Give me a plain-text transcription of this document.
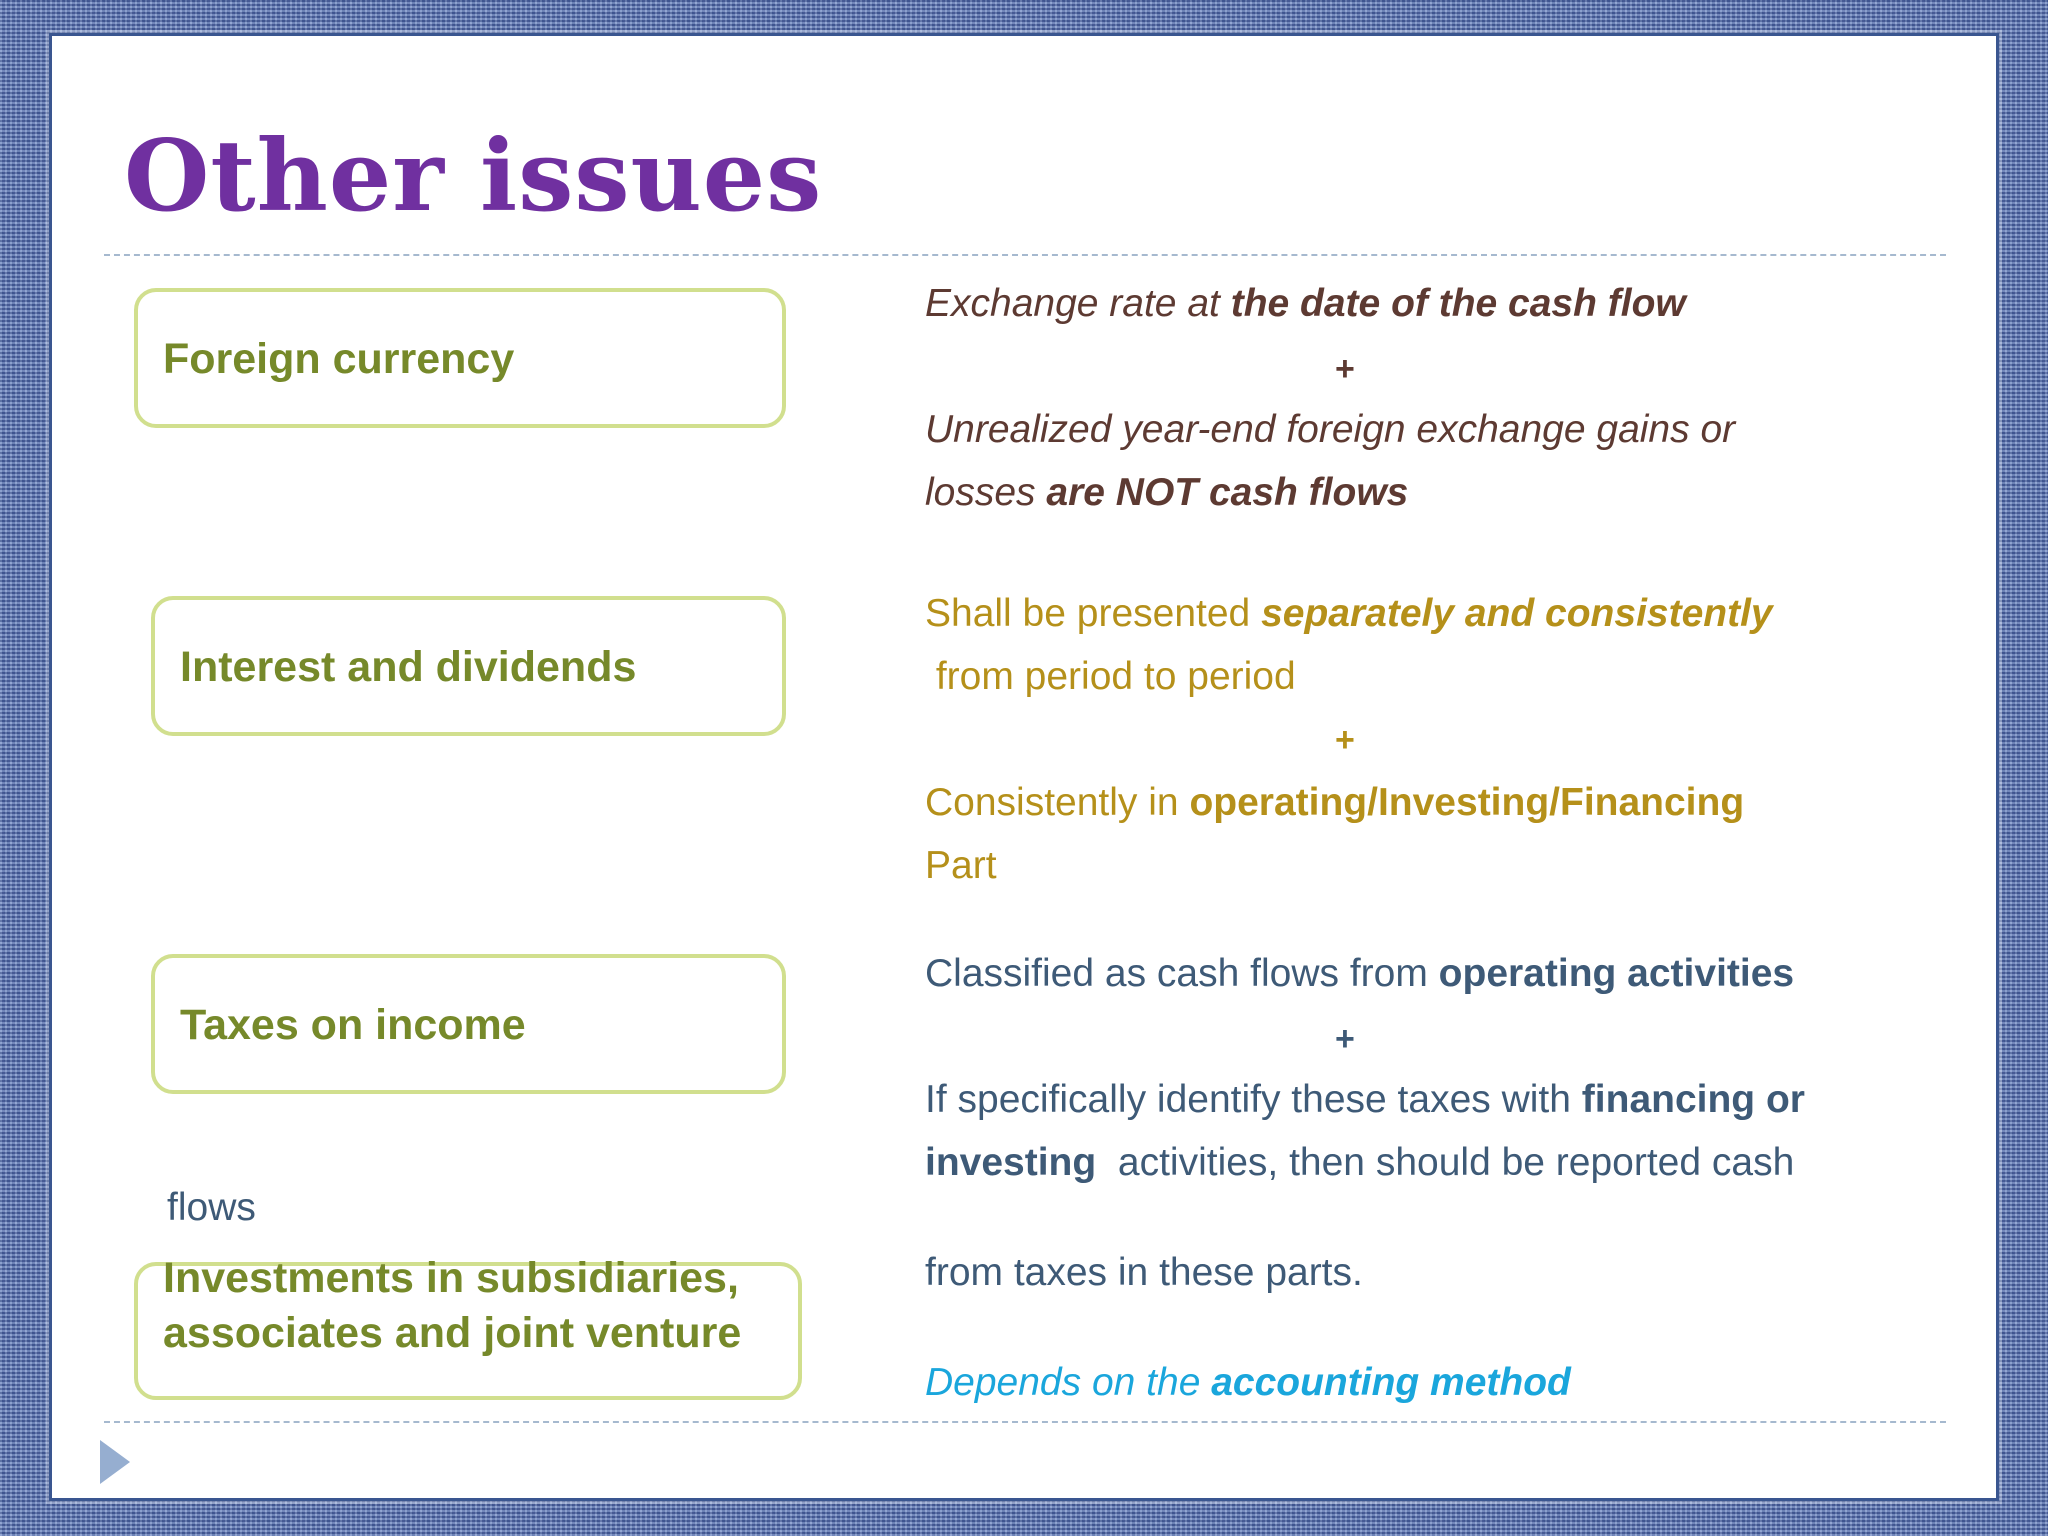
Other issues
Foreign currency
Exchange rate at the date of the cash flow
+
Unrealized year-end foreign exchange gains or
losses are NOT cash flows
Interest and dividends
Shall be presented separately and consistently
from period to period
+
Consistently in operating/Investing/Financing
Part
Taxes on income
Classified as cash flows from operating activities
+
If specifically identify these taxes with financing or
investing  activities, then should be reported cash
flows
from taxes in these parts.
Investments in subsidiaries, associates and joint venture
Depends on the accounting method
